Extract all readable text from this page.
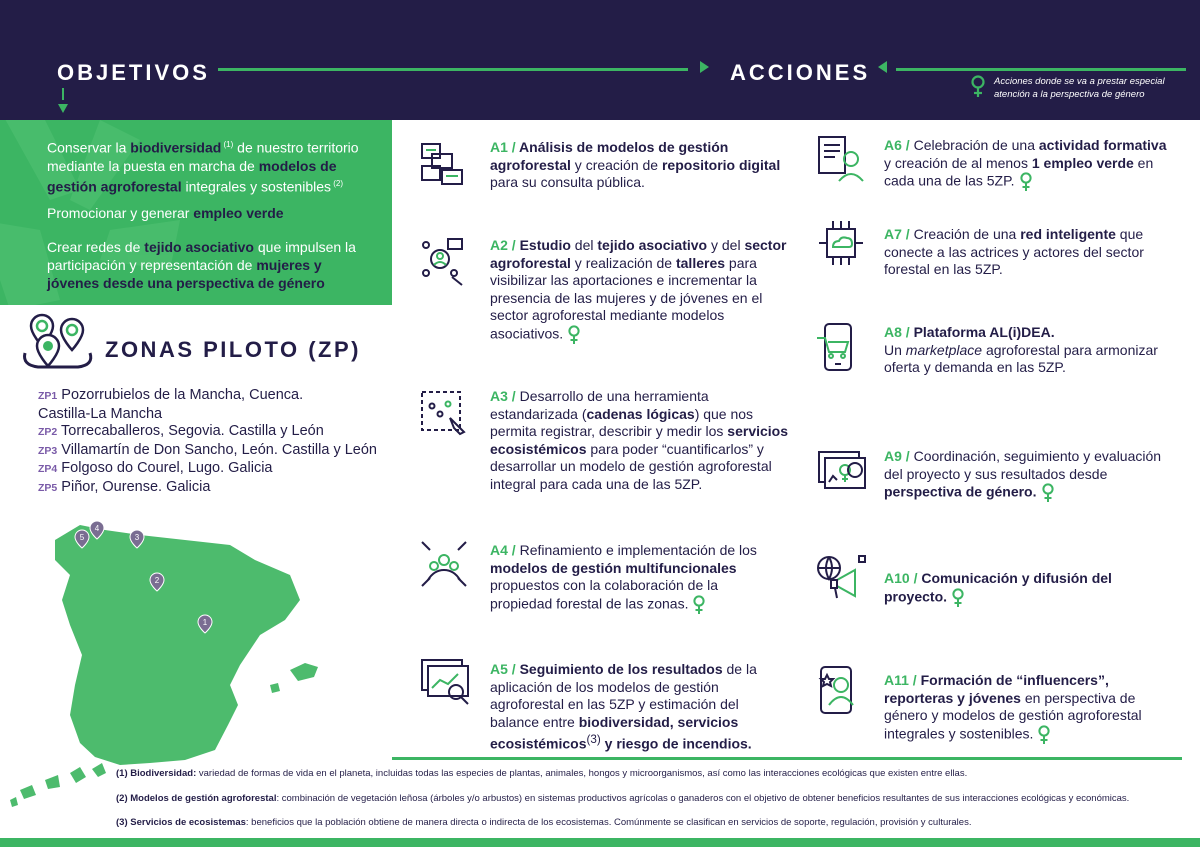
OBJETIVOS	ACCIONES	Acciones donde se va a prestar especial atención a la perspectiva de género
Conservar la biodiversidad $^{(1)}$ de nuestro territorio mediante la puesta en marcha de modelos de gestión agroforestal integrales y sostenibles $^{(2)}$
Promocionar y generar empleo verde
Crear redes de tejido asociativo que impulsen la participación y representación de mujeres y jóvenes desde una perspectiva de género
ZONAS PILOTO (ZP)
ZP1 Pozorrubielos de la Mancha, Cuenca.
Castilla-La Mancha
ZP2 Torrecaballeros, Segovia. Castilla y León
ZP3 Villamartín de Don Sancho, León. Castilla y León
ZP4 Folgoso do Courel, Lugo. Galicia
ZP5 Piñor, Ourense. Galicia
5
4
3
2
1
A1 / Análisis de modelos de gestión agroforestal y creación de repositorio digital para su consulta pública.
A2 / Estudio del tejido asociativo y del sector agroforestal y realización de talleres para visibilizar las aportaciones e incrementar la presencia de las mujeres y de jóvenes en el sector agroforestal mediante modelos asociativos.
A3 / Desarrollo de una herramienta estandarizada (cadenas lógicas) que nos permita registrar, describir y medir los servicios ecosistémicos para poder “cuantificarlos” y desarrollar un modelo de gestión agroforestal integral para cada una de las 5ZP.
A4 / Refinamiento e implementación de los modelos de gestión multifuncionales propuestos con la colaboración de la propiedad forestal de las zonas.
A5 / Seguimiento de los resultados de la aplicación de los modelos de gestión agroforestal en las 5ZP y estimación del balance entre biodiversidad, servicios ecosistémicos$^{(3)}$ y riesgo de incendios.
A6 / Celebración de una actividad formativa y creación de al menos 1 empleo verde en cada una de las 5ZP.
A7 / Creación de una red inteligente que conecte a las actrices y actores del sector forestal en las 5ZP.
A8 / Plataforma AL(i)DEA.
Un marketplace agroforestal para armonizar oferta y demanda en las 5ZP.
A9 / Coordinación, seguimiento y evaluación del proyecto y sus resultados desde perspectiva de género.
A10 / Comunicación y difusión del proyecto.
A11 / Formación de “influencers”, reporteras y jóvenes en perspectiva de género y modelos de gestión agroforestal integrales y sostenibles.
(1) Biodiversidad: variedad de formas de vida en el planeta, incluidas todas las especies de plantas, animales, hongos y microorganismos, así como las interacciones ecológicas que existen entre ellas.
(2) Modelos de gestión agroforestal: combinación de vegetación leñosa (árboles y/o arbustos) en sistemas productivos agrícolas o ganaderos con el objetivo de obtener beneficios resultantes de sus interacciones ecológicas y económicas.
(3) Servicios de ecosistemas: beneficios que la población obtiene de manera directa o indirecta de los ecosistemas. Comúnmente se clasifican en servicios de soporte, regulación, provisión y culturales.
